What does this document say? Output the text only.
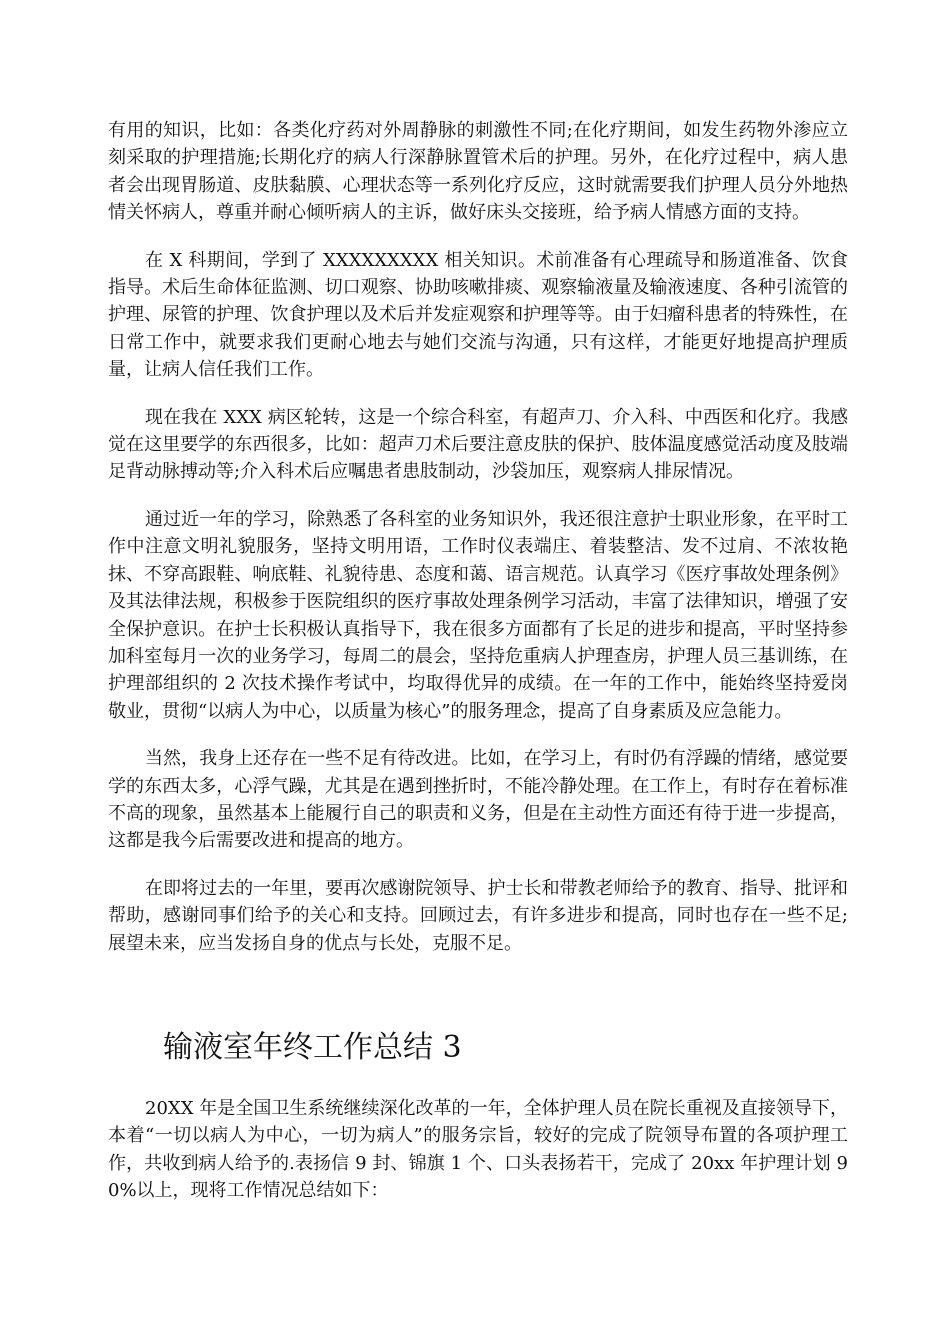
有用的知识，比如：各类化疗药对外周静脉的刺激性不同;在化疗期间，如发生药物外渗应立刻采取的护理措施;长期化疗的病人行深静脉置管术后的护理。另外，在化疗过程中，病人患者会出现胃肠道、皮肤黏膜、心理状态等一系列化疗反应，这时就需要我们护理人员分外地热情关怀病人，尊重并耐心倾听病人的主诉，做好床头交接班，给予病人情感方面的支持。

在 X 科期间，学到了 XXXXXXXXX 相关知识。术前准备有心理疏导和肠道准备、饮食指导。术后生命体征监测、切口观察、协助咳嗽排痰、观察输液量及输液速度、各种引流管的护理、尿管的护理、饮食护理以及术后并发症观察和护理等等。由于妇瘤科患者的特殊性，在日常工作中，就要求我们更耐心地去与她们交流与沟通，只有这样，才能更好地提高护理质量，让病人信任我们工作。

现在我在 XXX 病区轮转，这是一个综合科室，有超声刀、介入科、中西医和化疗。我感觉在这里要学的东西很多，比如：超声刀术后要注意皮肤的保护、肢体温度感觉活动度及肢端足背动脉搏动等;介入科术后应嘱患者患肢制动，沙袋加压，观察病人排尿情况。

通过近一年的学习，除熟悉了各科室的业务知识外，我还很注意护士职业形象，在平时工作中注意文明礼貌服务，坚持文明用语，工作时仪表端庄、着装整洁、发不过肩、不浓妆艳抹、不穿高跟鞋、响底鞋、礼貌待患、态度和蔼、语言规范。认真学习《医疗事故处理条例》及其法律法规，积极参于医院组织的医疗事故处理条例学习活动，丰富了法律知识，增强了安全保护意识。在护士长积极认真指导下，我在很多方面都有了长足的进步和提高，平时坚持参加科室每月一次的业务学习，每周二的晨会，坚持危重病人护理查房，护理人员三基训练，在护理部组织的 2 次技术操作考试中，均取得优异的成绩。在一年的工作中，能始终坚持爱岗敬业，贯彻“以病人为中心，以质量为核心”的服务理念，提高了自身素质及应急能力。

当然，我身上还存在一些不足有待改进。比如，在学习上，有时仍有浮躁的情绪，感觉要学的东西太多，心浮气躁，尤其是在遇到挫折时，不能冷静处理。在工作上，有时存在着标准不高的现象，虽然基本上能履行自己的职责和义务，但是在主动性方面还有待于进一步提高，这都是我今后需要改进和提高的地方。

在即将过去的一年里，要再次感谢院领导、护士长和带教老师给予的教育、指导、批评和帮助，感谢同事们给予的关心和支持。回顾过去，有许多进步和提高，同时也存在一些不足;展望未来，应当发扬自身的优点与长处，克服不足。

输液室年终工作总结 3

20XX 年是全国卫生系统继续深化改革的一年，全体护理人员在院长重视及直接领导下，本着“一切以病人为中心，一切为病人”的服务宗旨，较好的完成了院领导布置的各项护理工作，共收到病人给予的.表扬信 9 封、锦旗 1 个、口头表扬若干，完成了 20xx 年护理计划 90%以上，现将工作情况总结如下：
